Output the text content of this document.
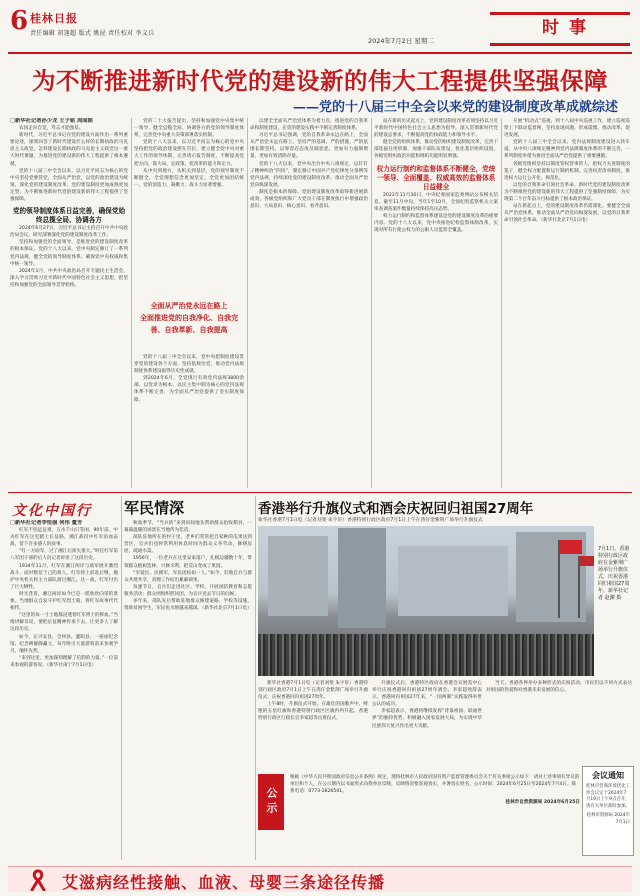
6 桂林日报
责任编辑 胡逢超 版式 姚昆 责任校对 李义兵
2024年7月2日 星期二
时事
为不断推进新时代党的建设新的伟大工程提供坚强保障
——党的十八届三中全会以来党的建设制度改革成就综述

□新华社记者孙少龙 王子铭 周闻韬

农园走向自觉，笃志才能强基。

新时代，习近平总书记在党的建设方面作出一系列重要论述，深刻回答了新时代建设什么样的长期执政的马克思主义政党、怎样建设长期执政的马克思主义政党这一重大时代课题，为推进党的建设新的伟大工程提供了根本遵循。

党的十八届三中全会以来，以习近平同志为核心的党中央坚持党要管党、全面从严治党，以党的政治建设为统领，深化党的建设制度改革，党的建设制度更加成熟更加定型，为不断推进新时代党的建设新的伟大工程提供了坚强保障。

党的领导制度体系日益完善，确保党始终总揽全局、协调各方

2024年6月27日，习近平总书记主持召开中共中央政治局会议，研究部署深化党的建设制度改革工作。

坚持和加强党的全面领导，是推进党的建设制度改革的根本保证。党的十八大以来，党中央制定修订了一系列党内法规，健全党的领导制度体系，确保党中央权威和集中统一领导。

2024年1月，中共中央政治局召开专题民主生活会，深入学习贯彻习近平新时代中国特色社会主义思想，把坚持和加强党的全面领导贯穿始终。

党的二十大报告提出，坚持和加强党中央集中统一领导，健全总揽全局、协调各方的党的领导制度体系，完善党中央重大决策部署落实机制。

党的十八大以来，以习近平同志为核心的党中央坚持把党的政治建设摆在首位，建立健全党中央对重大工作的领导体制，完善请示报告制度，不断提高党把方向、谋大局、定政策、促改革的能力和定力。

从中央到地方，从机关到基层，党的领导制度不断健全，全党理想信念更加坚定，全党更加团结统一，党的创造力、凝聚力、战斗力显著增强。

全面从严治党永远在路上
全面推进党的自我净化、自我完
善、自我革新、自我提高

党的十八届三中全会以来，党中央把制度建设贯穿党的建设各个方面，坚持依规治党，推动党内法规制度体系建设取得历史性成就。

到2024年6月，全党现行有效党内法规3800余部，以党章为根本、以民主集中制为核心的党内法规体系不断完善，为全面从严治党提供了坚实制度保障。

以建全全面从严治党体系为着力点，推进党的自我革命和制度建设，在党的建设实践中不断完善制度体系。

习近平总书记强调，党的自我革命永远在路上，全面从严治党永远在路上。坚持严的基调、严的措施、严的氛围长期坚持，以零容忍态度反腐惩恶，更加有力遏制增量，更加有效清除存量。

党的十八大以来，党中央出台中央八项规定，以钉钉子精神纠治“四风”，制定修订中国共产党纪律处分条例等党内法规，持续深化党的建设制度改革，推动全面从严治党向纵深发展。

制度是根本的保障。党的建设制度改革取得新进展新成效，各级党组织和广大党员干部在制度执行中增强政治意识、大局意识、核心意识、看齐意识。

站在新的历史起点上，党的建设制度改革必须坚持以习近平新时代中国特色社会主义思想为指导，深入贯彻新时代党的建设总要求，不断提高党的执政能力和领导水平。

健全党的组织体系，推动党的组织建设制度改革，完善干部选拔任用机制，加强干部队伍建设，优化基层组织设置，各级党组织政治功能和组织功能明显增强。

权力运行制约和监督体系不断健全，党统一领导、全面覆盖、权威高效的监督体系日益健全

2023年11月30日，中央纪委国家监委网站公布相关信息，截至11月中旬，当年1至10月，全国纪检监察机关立案审查调查案件数量持续保持高压态势。

权力运行制约和监督体系建设是党的建设制度改革的重要内容。党的十八大以来，党中央推进纪检监察体制改革，实现对所有行使公权力的公职人员监察全覆盖。

开展“机动式”巡视，到十八届中央巡视工作，建立巡视巡察上下联动监督网，坚持发现问题、形成震慑，推动改革、促进发展。

党的十八届三中全会以来，党内法规制度建设进入快车道。从中央八项规定精神到党内法规制度体系的不断完善，一系列制度举措为推进全面从严治党提供了重要遵循。

各级党组织坚持以制度管权管事管人，把权力关进制度的笼子，健全权力配置和运行制约机制，完善权责清单制度，推进权力运行公开化、规范化。

以党的自我革命引领社会革命，新时代党的建设制度改革为不断推进党的建设新的伟大工程提供了坚强制度保障，为实现第二个百年奋斗目标提供了根本政治保证。

站在新起点上，党的建设制度改革仍需深化。要健全全面从严治党体系，推动全面从严治党向纵深发展，以党的自我革命引领社会革命。（新华社北京7月1日电）

文化中国行

□新华社记者李恒强 何伟 董芳

红军不怕远征难，万水千山只等闲。90年前，中央红军在这里踏上长征路，湘江战役中红军浴血奋战，留下许多感人的故事。

“红一方面军，过了湘江后损失很大。”时任红军第八军团干部的后人向记者讲述了这段历史。

1934年11月，红军在湘江两岸与敌军展开激烈战斗，面对数倍于己的敌人，红军将士前赴后继，掩护中央机关和主力部队渡过湘江。这一战，红军付出了巨大牺牲。

时光荏苒，湘江两岸如今已是一派欣欣向荣的景象。当地群众自发守护红军烈士墓，将红军故事代代相传。

“这里的每一寸土地都浸透着红军将士的鲜血。”当地讲解员说，要把长征精神传承下去，让更多人了解这段历史。

如今，在兴安县、全州县、灌阳县，一座座纪念馆、纪念碑静静矗立，每年吸引大量游客前来参观学习，缅怀先烈。

“来到这里，更加深刻理解了信仰的力量。”一位前来参观的游客说。（新华社南宁7月1日电）

军民情深

秋收季节，“当兵的”来到田间地头帮助群众抢收稻谷，一幕幕温暖的场景在当地传为佳话。

部队驻地所在的村子里，老乡们常常把自家种的瓜果送到营区，官兵们也时常利用休息时间为群众义务劳动，修缮房屋、疏通水渠。

1956年，一位老兵在这里安家落户，扎根边疆数十年，带领群众植树造林、兴修水利，把荒山变成了果园。

“军爱民、民拥军，军民团结如一人。”如今，驻地官兵与群众共建共享，双拥工作结出累累硕果。

每逢节日，官兵们走进社区、学校，开展国防教育和志愿服务活动；群众则组织慰问团，为官兵送去节日的问候。

多年来，部队先后帮助驻地群众修建道路、学校等设施，资助贫困学生，军民鱼水情越来越深。（新华社北京7月1日电）

香港举行升旗仪式和酒会庆祝回归祖国27周年
新华社香港7月1日电（记者刘斐 朱宇轩）香港特别行政区政府7月1日上午在湾仔金紫荆广场举行升旗仪式
7月1日，香港特别行政区政府在金紫荆广场举行升旗仪式，庆祝香港回归祖国27周年。新华社记者 赵渊 摄

新华社香港7月1日电（记者刘斐 朱宇轩）香港特别行政区政府7月1日上午在湾仔金紫荆广场举行升旗仪式，庆祝香港回归祖国27周年。

上午8时，升旗仪式开始。在雄壮的国歌声中，鲜艳的五星红旗和香港特别行政区区旗冉冉升起。香港特别行政区行政长官李家超等出席仪式。

升旗仪式后，香港特区政府在香港会议展览中心举行庆祝香港回归祖国27周年酒会。李家超致辞表示，香港回归祖国27年来，“一国两制”实践取得举世公认的成功。

李家超表示，香港将继续发挥“背靠祖国、联通世界”的独特优势，积极融入国家发展大局，为实现中华民族伟大复兴作出更大贡献。

当天，香港各界举办多种形式的庆祝活动，市民们以不同方式表达对祖国的热爱和对香港未来发展的信心。

公示
根据《中华人民共和国政府信息公开条例》规定，现将桂林市人民政府国有资产监督管理委员会关于有关事项公示如下：请对上述事项有异议的单位和个人，在公示期内以书面形式向我单位反映，反映情况要客观真实，并署真实姓名。公示时间：2024年6月25日至2024年7月4日。联系电话：0773-2826501。
桂林市自然资源局 2024年6月25日
会议通知
桂林市营商环境优化工作会议定于2024年7月19日上午9点召开，请有关单位准时参加。
桂林市资源局 2024年7月1日
艾滋病经性接触、血液、母婴三条途径传播
